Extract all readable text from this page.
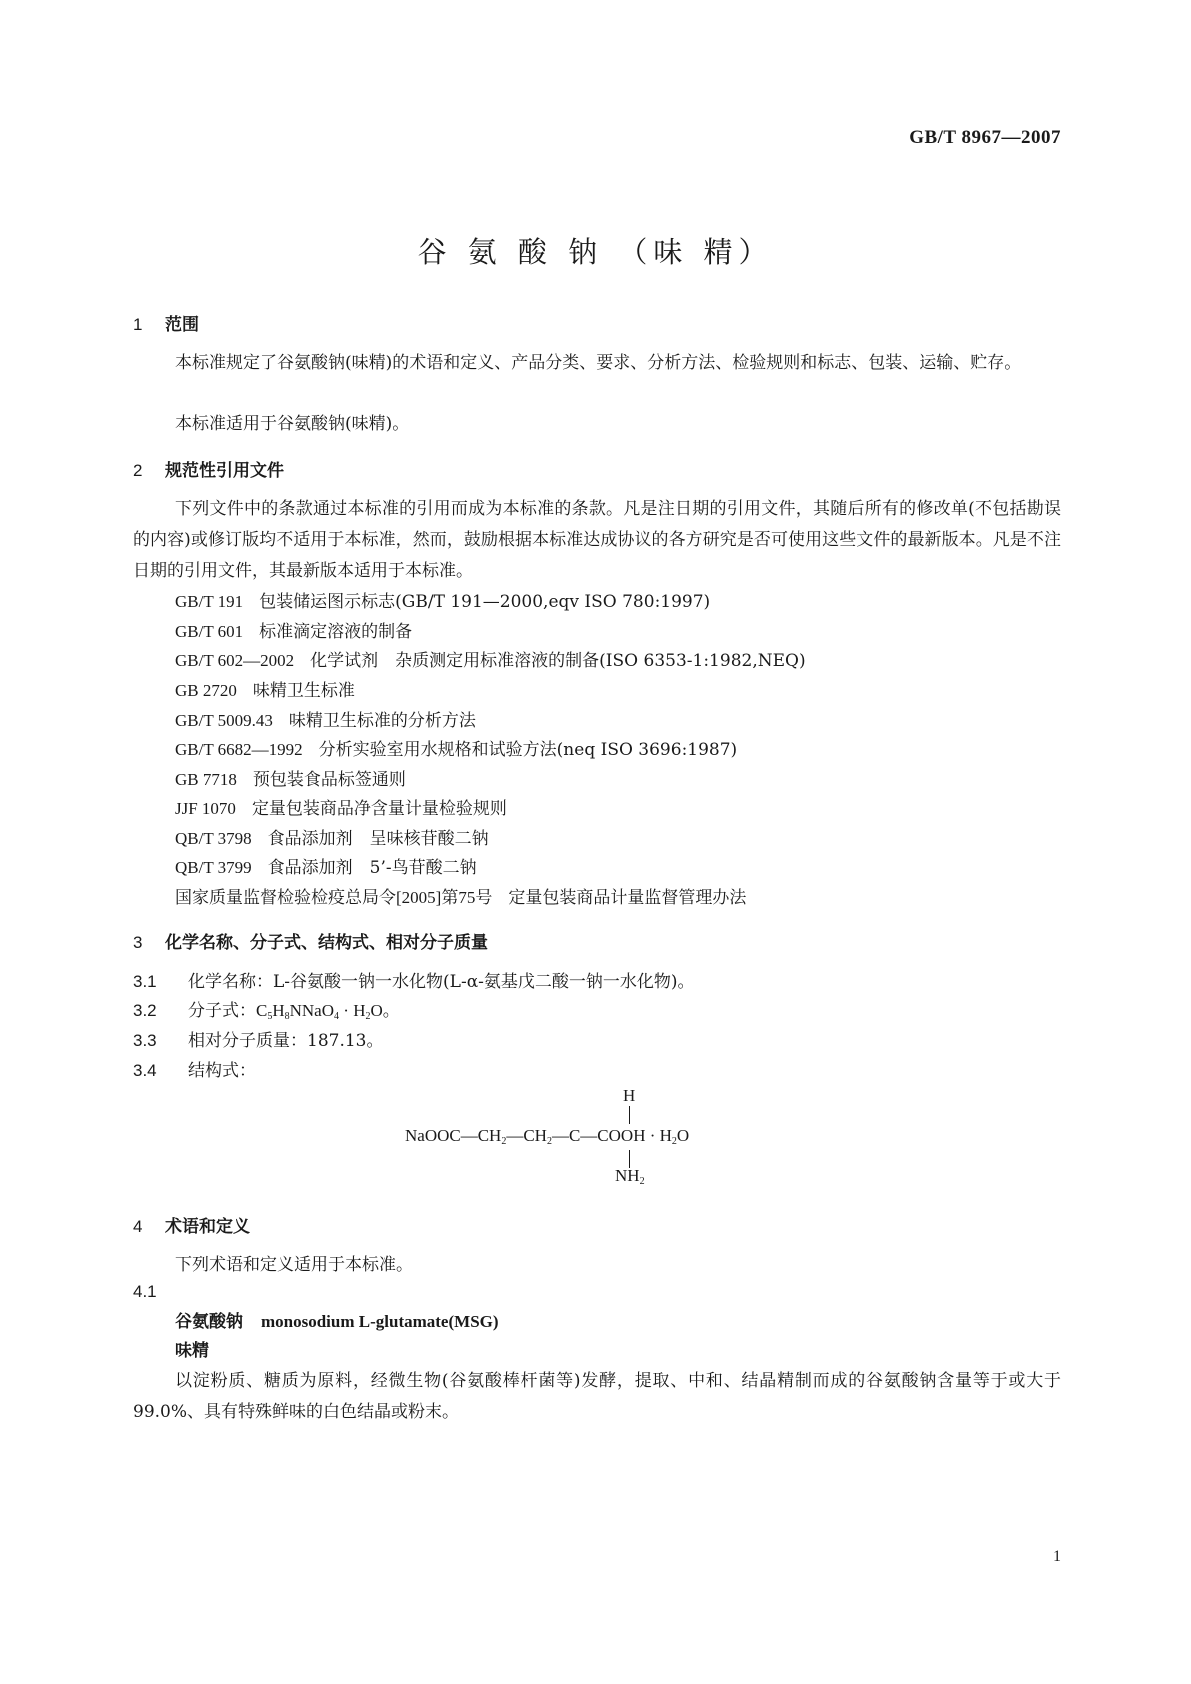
GB/T 8967—2007
谷 氨 酸 钠 （味 精）
1 范围
本标准规定了谷氨酸钠(味精)的术语和定义、产品分类、要求、分析方法、检验规则和标志、包装、运输、贮存。
本标准适用于谷氨酸钠(味精)。
2 规范性引用文件
下列文件中的条款通过本标准的引用而成为本标准的条款。凡是注日期的引用文件，其随后所有的修改单(不包括勘误的内容)或修订版均不适用于本标准，然而，鼓励根据本标准达成协议的各方研究是否可使用这些文件的最新版本。凡是不注日期的引用文件，其最新版本适用于本标准。
GB/T 191 包装储运图示标志(GB/T 191—2000,eqv ISO 780:1997)
GB/T 601 标准滴定溶液的制备
GB/T 602—2002 化学试剂　杂质测定用标准溶液的制备(ISO 6353-1:1982,NEQ)
GB 2720 味精卫生标准
GB/T 5009.43 味精卫生标准的分析方法
GB/T 6682—1992 分析实验室用水规格和试验方法(neq ISO 3696:1987)
GB 7718 预包装食品标签通则
JJF 1070 定量包装商品净含量计量检验规则
QB/T 3798 食品添加剂　呈味核苷酸二钠
QB/T 3799 食品添加剂　5’-鸟苷酸二钠
国家质量监督检验检疫总局令[2005]第75号 定量包装商品计量监督管理办法
3 化学名称、分子式、结构式、相对分子质量
3.1 化学名称：L-谷氨酸一钠一水化物(L-α-氨基戊二酸一钠一水化物)。
3.2 分子式：$C_5H_8NNaO_4 \cdot H_2O$。
3.3 相对分子质量：187.13。
3.4 结构式：
H
$NaOOC—CH_2—CH_2—C—COOH \cdot H_2O$
$NH_2$
4 术语和定义
下列术语和定义适用于本标准。
4.1
谷氨酸钠 monosodium L-glutamate(MSG)
味精
以淀粉质、糖质为原料，经微生物(谷氨酸棒杆菌等)发酵，提取、中和、结晶精制而成的谷氨酸钠含量等于或大于99.0%、具有特殊鲜味的白色结晶或粉末。
1
